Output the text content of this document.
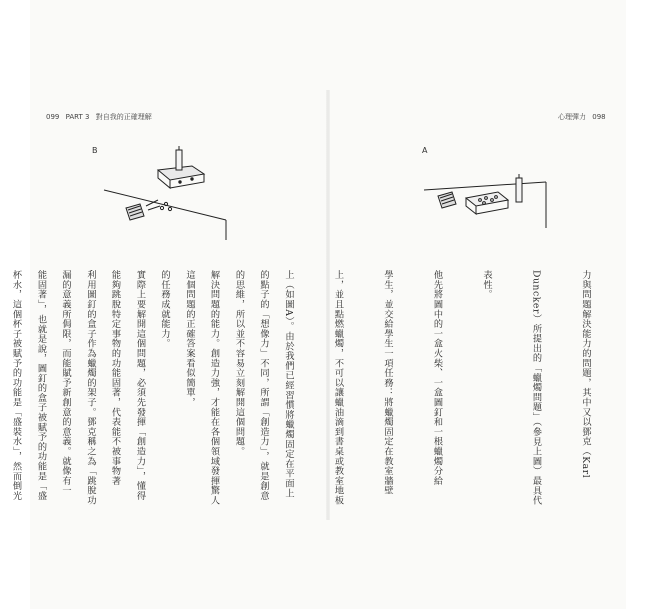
099 PART 3 對自我的正確理解	心理彈力 098
B	A

力與問題解決能力的問題，其中又以鄧克（Karl

Duncker）所提出的「蠟燭問題」（參見上圖）最具代

表性。

他先將圖中的一盒火柴、一盒圖釘和一根蠟燭分給

學生，並交給學生一項任務：將蠟燭固定在教室牆壁

上，並且點燃蠟燭，不可以讓蠟油滴到書桌或教室地板

上（如圖A）。由於我們已經習慣將蠟燭固定在平面上

的思維，所以並不容易立刻解開這個問題。

這個問題的正確答案看似簡單，

實際上要解開這個問題，必須先發揮「創造力」，懂得

利用圖釘的盒子作為蠟燭的架子。鄧克稱之為「跳脫功

能固著」，也就是說，圖釘的盒子被賦予的功能是「盛

	的點子的「想像力」不同，所謂「創造力」，就是創意

解決問題的能力。創造力強，才能在各個領域發揮驚人

的任務成就能力。

能夠跳脫特定事物的功能固著，代表能不被事物著

漏的意義所侷限，而能賦予新創意的意義。就像有一

杯水，這個杯子被賦予的功能是「盛裝水」，然而倒光
